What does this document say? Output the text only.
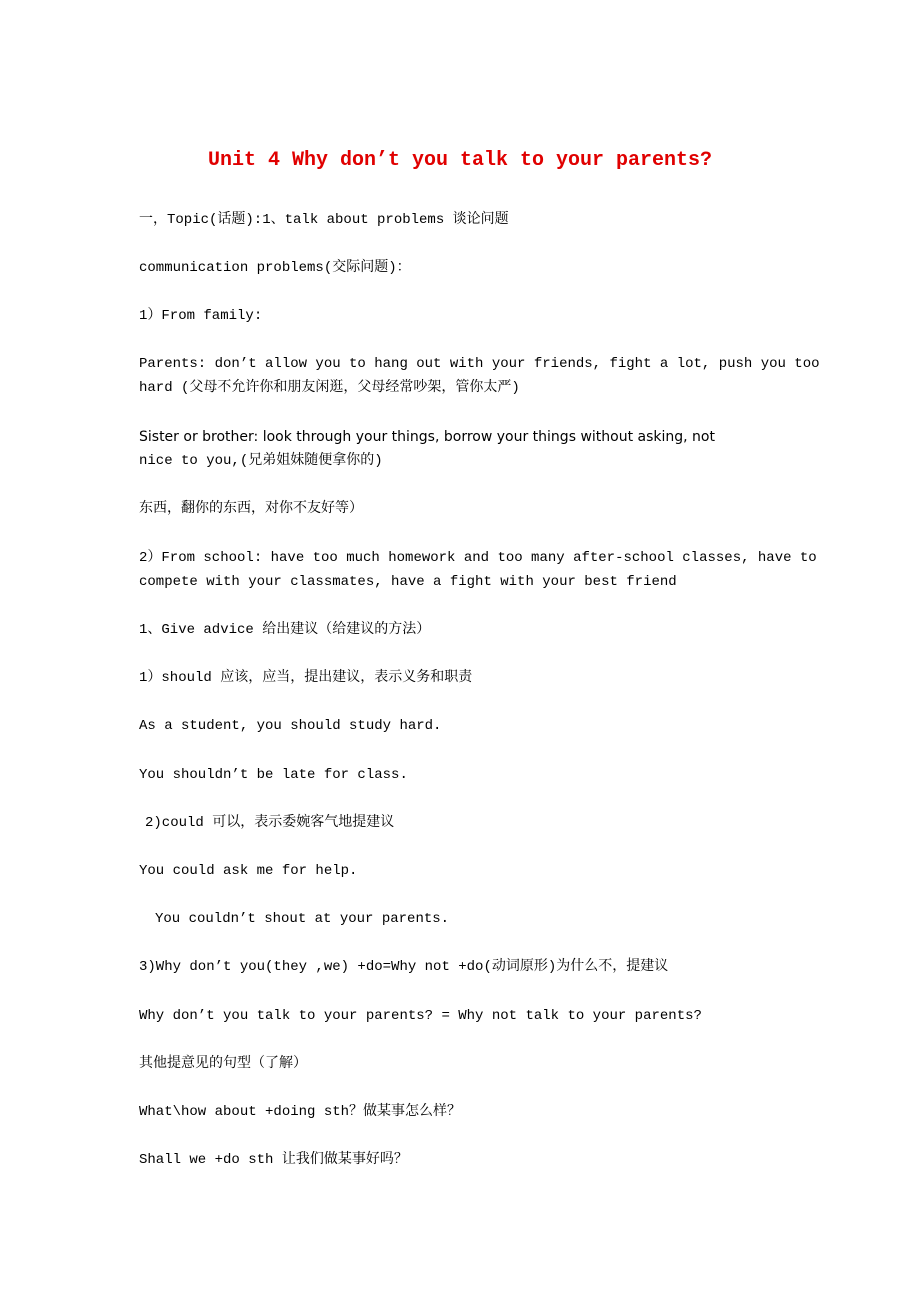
Unit 4 Why don’t you talk to your parents?

一，Topic(话题):1、talk about problems 谈论问题

communication problems(交际问题)：

1）From family:

Parents: don’t allow you to hang out with your friends, fight a lot, push you too

hard (父母不允许你和朋友闲逛，父母经常吵架，管你太严)

Sister or brother: look through your things, borrow your things without asking, not

nice to you,(兄弟姐妹随便拿你的)

东西，翻你的东西，对你不友好等）

2）From school: have too much homework and too many after-school classes, have to

compete with your classmates, have a fight with your best friend

1、Give advice 给出建议（给建议的方法）

1）should 应该，应当，提出建议，表示义务和职责

As a student, you should study hard.

You shouldn’t be late for class.

2)could 可以，表示委婉客气地提建议

You could ask me for help.

You couldn’t shout at your parents.

3)Why don’t you(they ,we) +do=Why not +do(动词原形)为什么不，提建议

Why don’t you talk to your parents? = Why not talk to your parents?

其他提意见的句型（了解）

What\how about +doing sth？做某事怎么样？

Shall we +do sth 让我们做某事好吗？
